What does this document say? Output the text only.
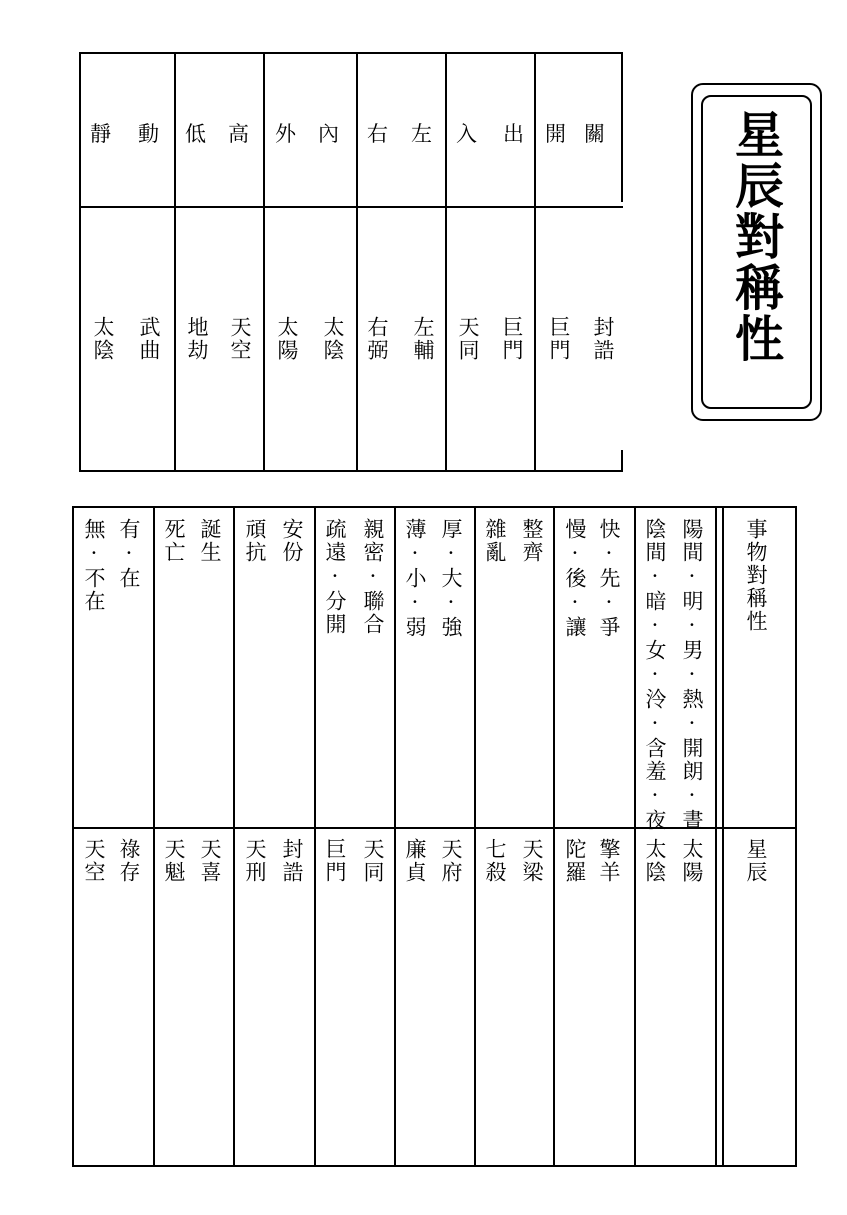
星辰對稱性
關
開
出
入
左
右
內
外
高
低
動
靜
封誥
巨門
巨門
天同
左輔
右弼
太陰
太陽
天空
地劫
武曲
太陰
事物對稱性
星辰
陽間·明·男·熱·開朗·晝
陰間·暗·女·泠·含羞·夜
快·先·爭
慢·後·讓
整齊
雜亂
厚·大·強
薄·小·弱
親密·聯合
疏遠·分開
安份
頑抗
誕生
死亡
有·在
無·不在
太陽
太陰
擎羊
陀羅
天梁
七殺
天府
廉貞
天同
巨門
封誥
天刑
天喜
天魁
祿存
天空
